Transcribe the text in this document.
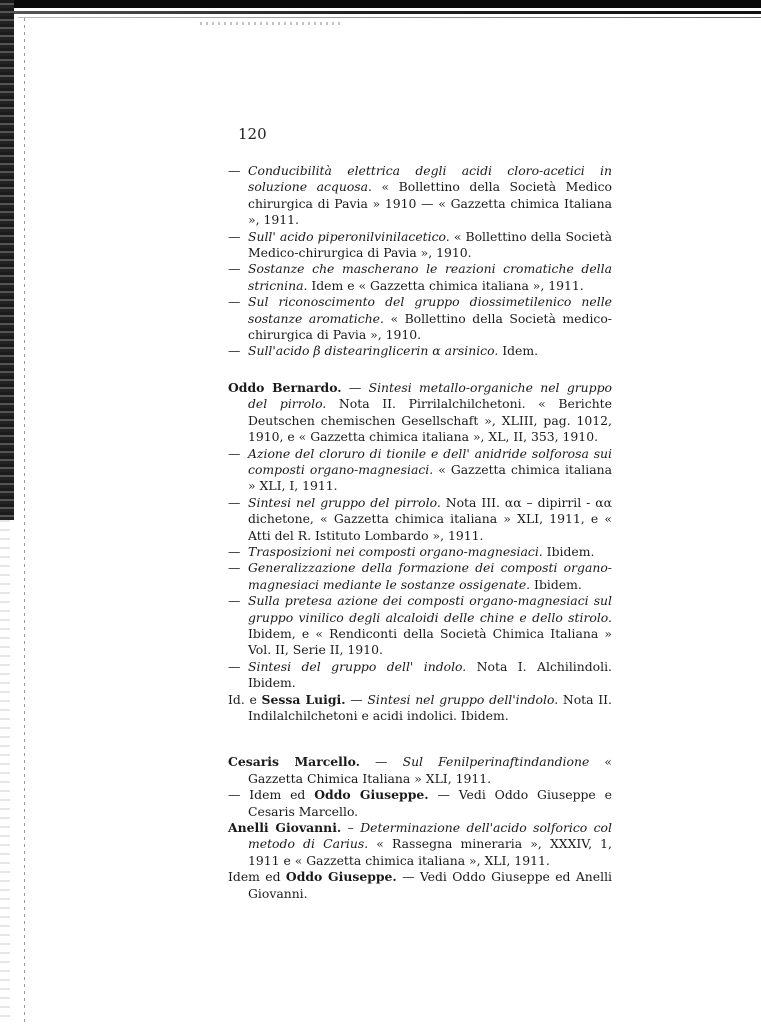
120

— Conducibilità elettrica degli acidi cloro-acetici in soluzione acquosa. « Bollettino della Società Medico chirurgica di Pavia » 1910 — « Gazzetta chimica Italiana », 1911.

— Sull' acido piperonilvinilacetico. « Bollettino della Società Medico-chirurgica di Pavia », 1910.

— Sostanze che mascherano le reazioni cromatiche della stricnina. Idem e « Gazzetta chimica italiana », 1911.

— Sul riconoscimento del gruppo diossimetilenico nelle sostanze aromatiche. « Bollettino della Società medico-chirurgica di Pavia », 1910.

— Sull'acido β distearinglicerin α arsinico. Idem.

Oddo Bernardo. — Sintesi metallo-organiche nel gruppo del pirrolo. Nota II. Pirrilalchilchetoni. « Berichte Deutschen chemischen Gesellschaft », XLIII, pag. 1012, 1910, e « Gazzetta chimica italiana », XL, II, 353, 1910.

— Azione del cloruro di tionile e dell' anidride solforosa sui composti organo-magnesiaci. « Gazzetta chimica italiana » XLI, I, 1911.

— Sintesi nel gruppo del pirrolo. Nota III. αα – dipirril - αα dichetone, « Gazzetta chimica italiana » XLI, 1911, e « Atti del R. Istituto Lombardo », 1911.

— Trasposizioni nei composti organo-magnesiaci. Ibidem.

— Generalizzazione della formazione dei composti organo-magnesiaci mediante le sostanze ossigenate. Ibidem.

— Sulla pretesa azione dei composti organo-magnesiaci sul gruppo vinilico degli alcaloidi delle chine e dello stirolo. Ibidem, e « Rendiconti della Società Chimica Italiana » Vol. II, Serie II, 1910.

— Sintesi del gruppo dell' indolo. Nota I. Alchilindoli. Ibidem.

Id. e Sessa Luigi. — Sintesi nel gruppo dell'indolo. Nota II. Indilalchilchetoni e acidi indolici. Ibidem.

Cesaris Marcello. — Sul Fenilperinaftindandione « Gazzetta Chimica Italiana » XLI, 1911.

— Idem ed Oddo Giuseppe. — Vedi Oddo Giuseppe e Cesaris Marcello.

Anelli Giovanni. – Determinazione dell'acido solforico col metodo di Carius. « Rassegna mineraria », XXXIV, 1, 1911 e « Gazzetta chimica italiana », XLI, 1911.

Idem ed Oddo Giuseppe. — Vedi Oddo Giuseppe ed Anelli Giovanni.
